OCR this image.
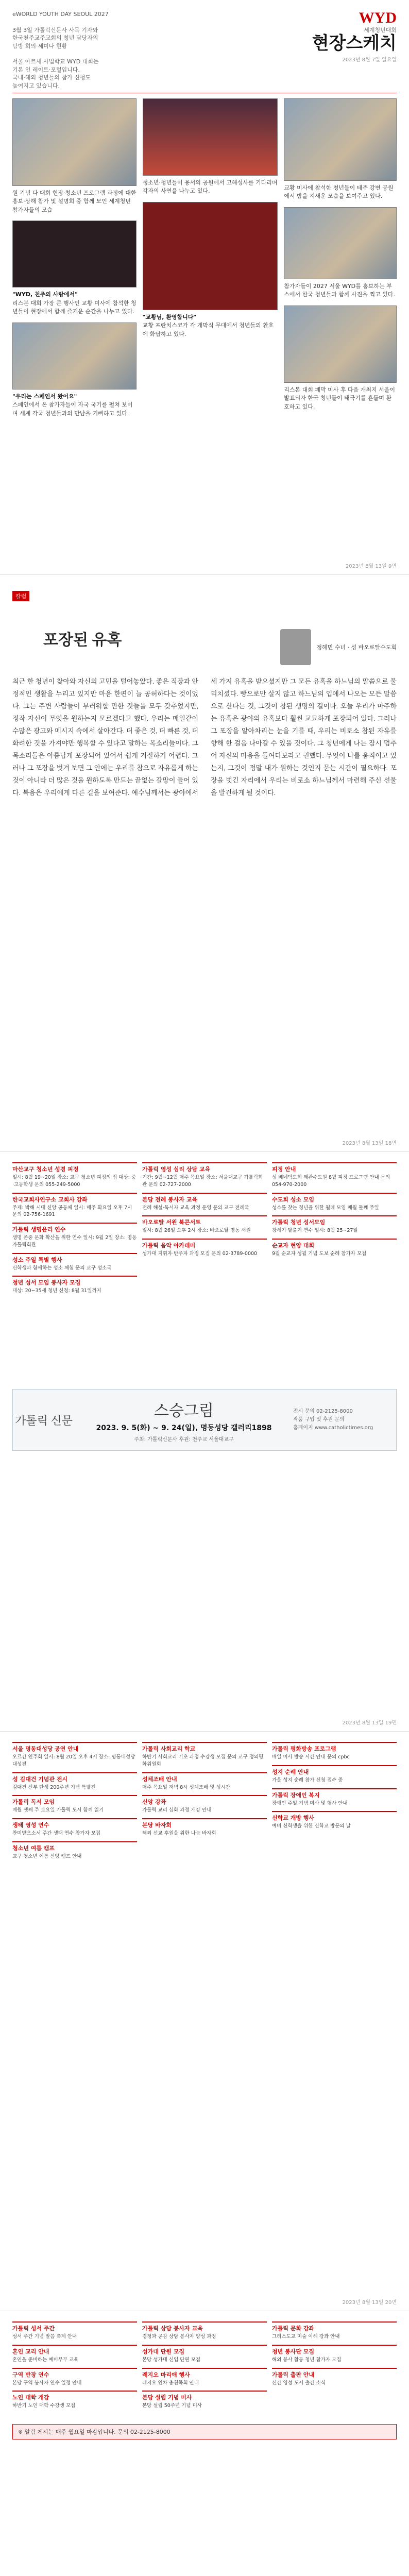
eWORLD YOUTH DAY SEOUL 2027

3월 3일 가톨릭신문사 사목 기자와
한국천주교주교회의 청년 담당자의
탐방 회의·세미나 현황

서울 아르세 사법학교 WYD 대회는
기본 인 레이트·포털입니다.
국내·해외 청년들의 참가 신청도
높여지고 있습니다.
WYD
세계청년대회
현장스케치
2023년 8월 7일 일요일
원 기념 다 대회 현장·청소년 프로그램 과정에 대한 홍보·상해 참가 및 설명회 중 함께 모인 세계청년 참가자들의 모습
"WYD, 천주의 사랑에서"
리스본 대회 가장 큰 행사인 교황 미사에 참석한 청년들이 현장에서 함께 즐거운 순간을 나누고 있다.
"우리는 스페인서 왔어요"
스페인에서 온 참가자들이 자국 국기를 펼쳐 보이며 세계 각국 청년들과의 만남을 기뻐하고 있다.
청소년·청년들이 용서의 공원에서 고해성사를 기다리며 각자의 사연을 나누고 있다.
"교황님, 환영합니다"
교황 프란치스코가 각 개막식 무대에서 청년들의 환호에 화답하고 있다.
교황 미사에 참석한 청년들이 테주 강변 공원에서 밤을 지새운 모습을 보여주고 있다.
참가자들이 2027 서울 WYD를 홍보하는 부스에서 한국 청년들과 함께 사진을 찍고 있다.
리스본 대회 폐막 미사 후 다음 개최지 서울이 발표되자 한국 청년들이 태극기를 흔들며 환호하고 있다.
2023년 8월 13일 9면
칼럼
포장된 유혹	정혜민 수녀 · 성 바오로딸수도회
최근 한 청년이 찾아와 자신의 고민을 털어놓았다. 좋은 직장과 안정적인 생활을 누리고 있지만 마음 한편이 늘 공허하다는 것이었다. 그는 주변 사람들이 부러워할 만한 것들을 모두 갖추었지만, 정작 자신이 무엇을 원하는지 모르겠다고 했다. 우리는 매일같이 수많은 광고와 메시지 속에서 살아간다. 더 좋은 것, 더 빠른 것, 더 화려한 것을 가져야만 행복할 수 있다고 말하는 목소리들이다. 그 목소리들은 아름답게 포장되어 있어서 쉽게 거절하기 어렵다. 그러나 그 포장을 벗겨 보면 그 안에는 우리를 참으로 자유롭게 하는 것이 아니라 더 많은 것을 원하도록 만드는 끝없는 갈망이 들어 있다. 복음은 우리에게 다른 길을 보여준다. 예수님께서는 광야에서 세 가지 유혹을 받으셨지만 그 모든 유혹을 하느님의 말씀으로 물리치셨다. 빵으로만 살지 않고 하느님의 입에서 나오는 모든 말씀으로 산다는 것, 그것이 참된 생명의 길이다. 오늘 우리가 마주하는 유혹은 광야의 유혹보다 훨씬 교묘하게 포장되어 있다. 그러나 그 포장을 알아차리는 눈을 기를 때, 우리는 비로소 참된 자유를 향해 한 걸음 나아갈 수 있을 것이다. 그 청년에게 나는 잠시 멈추어 자신의 마음을 들여다보라고 권했다. 무엇이 나를 움직이고 있는지, 그것이 정말 내가 원하는 것인지 묻는 시간이 필요하다. 포장을 벗긴 자리에서 우리는 비로소 하느님께서 마련해 주신 선물을 발견하게 될 것이다.
2023년 8월 13일 18면
마산교구 청소년 성경 피정

일시: 8월 19~20일 장소: 교구 청소년 피정의 집 대상: 중·고등학생 문의 055-249-5000

한국교회사연구소 교회사 강좌

주제: 박해 시대 신앙 공동체 일시: 매주 화요일 오후 7시 문의 02-756-1691

가톨릭 생명윤리 연수

생명 존중 문화 확산을 위한 연수 일시: 9월 2일 장소: 명동 가톨릭회관

성소 주일 특별 행사

신학생과 함께하는 성소 체험 문의 교구 성소국

청년 성서 모임 봉사자 모집

대상: 20~35세 청년 신청: 8월 31일까지

가톨릭 영성 심리 상담 교육

기간: 9월~12월 매주 목요일 장소: 서울대교구 가톨릭회관 문의 02-727-2000

본당 전례 봉사자 교육

전례 해설·독서자 교육 과정 운영 문의 교구 전례국

바오로딸 서원 북콘서트

일시: 8월 26일 오후 2시 장소: 바오로딸 명동 서원

가톨릭 음악 아카데미

성가대 지휘자·반주자 과정 모집 문의 02-3789-0000

피정 안내

성 베네딕도회 왜관수도원 8월 피정 프로그램 안내 문의 054-970-2000

수도회 성소 모임

성소를 찾는 청년을 위한 월례 모임 매월 둘째 주일

가톨릭 청년 성서모임

창세기·탈출기 연수 일시: 8월 25~27일

순교자 현양 대회

9월 순교자 성월 기념 도보 순례 참가자 모집

가톨릭 신문
스승그림
2023. 9. 5(화) ~ 9. 24(일), 명동성당 갤러리1898
주최: 가톨릭신문사 후원: 천주교 서울대교구
전시 문의 02-2125-8000
작품 구입 및 후원 문의
홈페이지 www.catholictimes.org
2023년 8월 13일 19면
서울 명동대성당 공연 안내

오르간 연주회 일시: 8월 20일 오후 4시 장소: 명동대성당 대성전

성 김대건 기념관 전시

김대건 신부 탄생 200주년 기념 특별전

가톨릭 독서 모임

매월 셋째 주 토요일 가톨릭 도서 함께 읽기

생태 영성 연수

찬미받으소서 주간 생태 연수 참가자 모집

청소년 여름 캠프

교구 청소년 여름 신앙 캠프 안내

가톨릭 사회교리 학교

하반기 사회교리 기초 과정 수강생 모집 문의 교구 정의평화위원회

성체조배 안내

매주 목요일 저녁 8시 성체조배 및 성시간

신앙 강좌

가톨릭 교리 심화 과정 개강 안내

본당 바자회

해외 선교 후원을 위한 나눔 바자회

가톨릭 평화방송 프로그램

매일 미사 방송 시간 안내 문의 cpbc

성지 순례 안내

가을 성지 순례 참가 신청 접수 중

가톨릭 장애인 복지

장애인 주일 기념 미사 및 행사 안내

신학교 개방 행사

예비 신학생을 위한 신학교 방문의 날

2023년 8월 13일 20면
가톨릭 성서 주간

성서 주간 기념 말씀 축제 안내

혼인 교리 안내

혼인을 준비하는 예비부부 교육

구역 반장 연수

본당 구역 봉사자 연수 일정 안내

노인 대학 개강

하반기 노인 대학 수강생 모집

가톨릭 상담 봉사자 교육

경청과 공감 상담 봉사자 양성 과정

성가대 단원 모집

본당 성가대 신입 단원 모집

레지오 마리애 행사

레지오 연차 총친목회 안내

본당 설립 기념 미사

본당 설립 50주년 기념 미사

가톨릭 문화 강좌

그리스도교 미술 이해 강좌 안내

청년 봉사단 모집

해외 봉사 활동 청년 참가자 모집

가톨릭 출판 안내

신간 영성 도서 출간 소식

※ 알림 게시는 매주 월요일 마감입니다. 문의 02-2125-8000
